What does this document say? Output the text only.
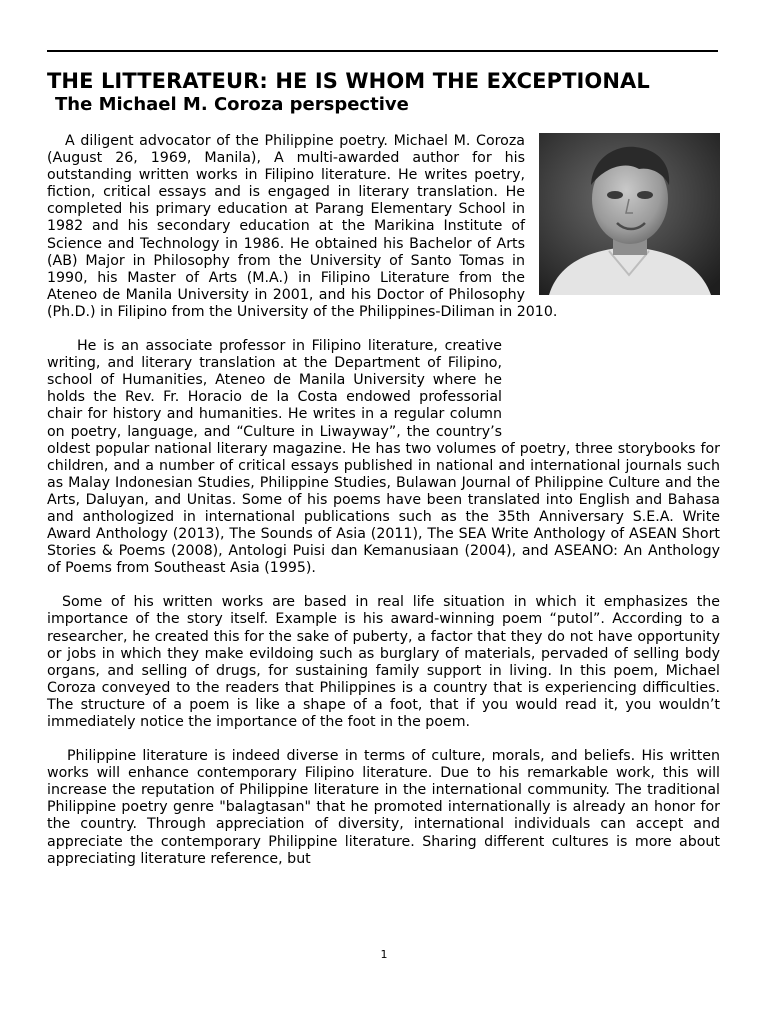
THE LITTERATEUR: HE IS WHOM THE EXCEPTIONAL
The Michael M. Coroza perspective

A diligent advocator of the Philippine poetry. Michael M. Coroza (August 26, 1969, Manila), A multi-awarded author for his outstanding written works in Filipino literature. He writes poetry, fiction, critical essays and is engaged in literary translation. He completed his primary education at Parang Elementary School in 1982 and his secondary education at the Marikina Institute of Science and Technology in 1986. He obtained his Bachelor of Arts (AB) Major in Philosophy from the University of Santo Tomas in 1990, his Master of Arts (M.A.) in Filipino Literature from the Ateneo de Manila University in 2001, and his Doctor of Philosophy (Ph.D.) in Filipino from the University of the Philippines-Diliman in 2010.

He is an associate professor in Filipino literature, creative writing, and literary translation at the Department of Filipino, school of Humanities, Ateneo de Manila University where he holds the Rev. Fr. Horacio de la Costa endowed professorial chair for history and humanities. He writes in a regular column on poetry, language, and “Culture in Liwayway”, the country’s oldest popular national literary magazine. He has two volumes of poetry, three storybooks for children, and a number of critical essays published in national and international journals such as Malay Indonesian Studies, Philippine Studies, Bulawan Journal of Philippine Culture and the Arts, Daluyan, and Unitas. Some of his poems have been translated into English and Bahasa and anthologized in international publications such as the 35th Anniversary S.E.A. Write Award Anthology (2013), The Sounds of Asia (2011), The SEA Write Anthology of ASEAN Short Stories & Poems (2008), Antologi Puisi dan Kemanusiaan (2004), and ASEANO: An Anthology of Poems from Southeast Asia (1995).

Some of his written works are based in real life situation in which it emphasizes the importance of the story itself. Example is his award-winning poem “putol”. According to a researcher, he created this for the sake of puberty, a factor that they do not have opportunity or jobs in which they make evildoing such as burglary of materials, pervaded of selling body organs, and selling of drugs, for sustaining family support in living. In this poem, Michael Coroza conveyed to the readers that Philippines is a country that is experiencing difficulties. The structure of a poem is like a shape of a foot, that if you would read it, you wouldn’t immediately notice the importance of the foot in the poem.

Philippine literature is indeed diverse in terms of culture, morals, and beliefs. His written works will enhance contemporary Filipino literature. Due to his remarkable work, this will increase the reputation of Philippine literature in the international community. The traditional Philippine poetry genre "balagtasan" that he promoted internationally is already an honor for the country. Through appreciation of diversity, international individuals can accept and appreciate the contemporary Philippine literature. Sharing different cultures is more about appreciating literature reference, but

1
